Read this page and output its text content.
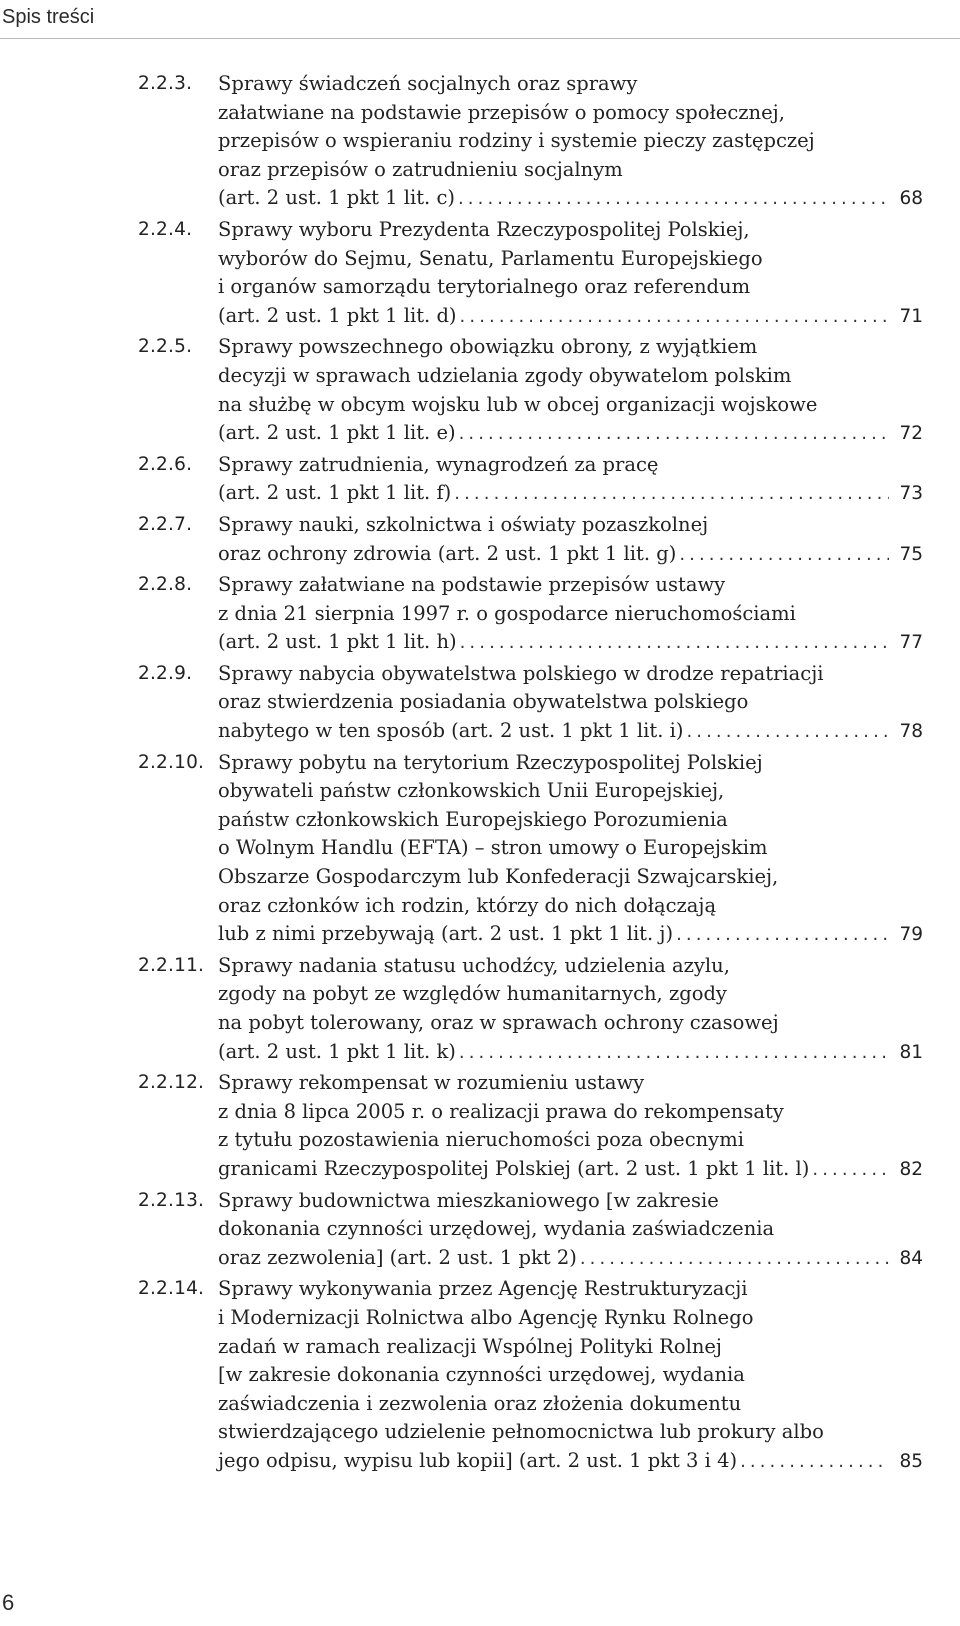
Spis treści
2.2.3. Sprawy świadczeń socjalnych oraz sprawy
załatwiane na podstawie przepisów o pomocy społecznej,
przepisów o wspieraniu rodziny i systemie pieczy zastępczej
oraz przepisów o zatrudnieniu socjalnym
(art. 2 ust. 1 pkt 1 lit. c) .....	68
2.2.4. Sprawy wyboru Prezydenta Rzeczypospolitej Polskiej,
wyborów do Sejmu, Senatu, Parlamentu Europejskiego
i organów samorządu terytorialnego oraz referendum
(art. 2 ust. 1 pkt 1 lit. d) .....	71
2.2.5. Sprawy powszechnego obowiązku obrony, z wyjątkiem
decyzji w sprawach udzielania zgody obywatelom polskim
na służbę w obcym wojsku lub w obcej organizacji wojskowe
(art. 2 ust. 1 pkt 1 lit. e) .....	72
2.2.6. Sprawy zatrudnienia, wynagrodzeń za pracę
(art. 2 ust. 1 pkt 1 lit. f) .....	73
2.2.7. Sprawy nauki, szkolnictwa i oświaty pozaszkolnej
oraz ochrony zdrowia (art. 2 ust. 1 pkt 1 lit. g) .....	75
2.2.8. Sprawy załatwiane na podstawie przepisów ustawy
z dnia 21 sierpnia 1997 r. o gospodarce nieruchomościami
(art. 2 ust. 1 pkt 1 lit. h) .....	77
2.2.9. Sprawy nabycia obywatelstwa polskiego w drodze repatriacji
oraz stwierdzenia posiadania obywatelstwa polskiego
nabytego w ten sposób (art. 2 ust. 1 pkt 1 lit. i) .....	78
2.2.10. Sprawy pobytu na terytorium Rzeczypospolitej Polskiej
obywateli państw członkowskich Unii Europejskiej,
państw członkowskich Europejskiego Porozumienia
o Wolnym Handlu (EFTA) – stron umowy o Europejskim
Obszarze Gospodarczym lub Konfederacji Szwajcarskiej,
oraz członków ich rodzin, którzy do nich dołączają
lub z nimi przebywają (art. 2 ust. 1 pkt 1 lit. j) .....	79
2.2.11. Sprawy nadania statusu uchodźcy, udzielenia azylu,
zgody na pobyt ze względów humanitarnych, zgody
na pobyt tolerowany, oraz w sprawach ochrony czasowej
(art. 2 ust. 1 pkt 1 lit. k) .....	81
2.2.12. Sprawy rekompensat w rozumieniu ustawy
z dnia 8 lipca 2005 r. o realizacji prawa do rekompensaty
z tytułu pozostawienia nieruchomości poza obecnymi
granicami Rzeczypospolitej Polskiej (art. 2 ust. 1 pkt 1 lit. l) .....	82
2.2.13. Sprawy budownictwa mieszkaniowego [w zakresie
dokonania czynności urzędowej, wydania zaświadczenia
oraz zezwolenia] (art. 2 ust. 1 pkt 2) .....	84
2.2.14. Sprawy wykonywania przez Agencję Restrukturyzacji
i Modernizacji Rolnictwa albo Agencję Rynku Rolnego
zadań w ramach realizacji Wspólnej Polityki Rolnej
[w zakresie dokonania czynności urzędowej, wydania
zaświadczenia i zezwolenia oraz złożenia dokumentu
stwierdzającego udzielenie pełnomocnictwa lub prokury albo
jego odpisu, wypisu lub kopii] (art. 2 ust. 1 pkt 3 i 4) .....	85
6
